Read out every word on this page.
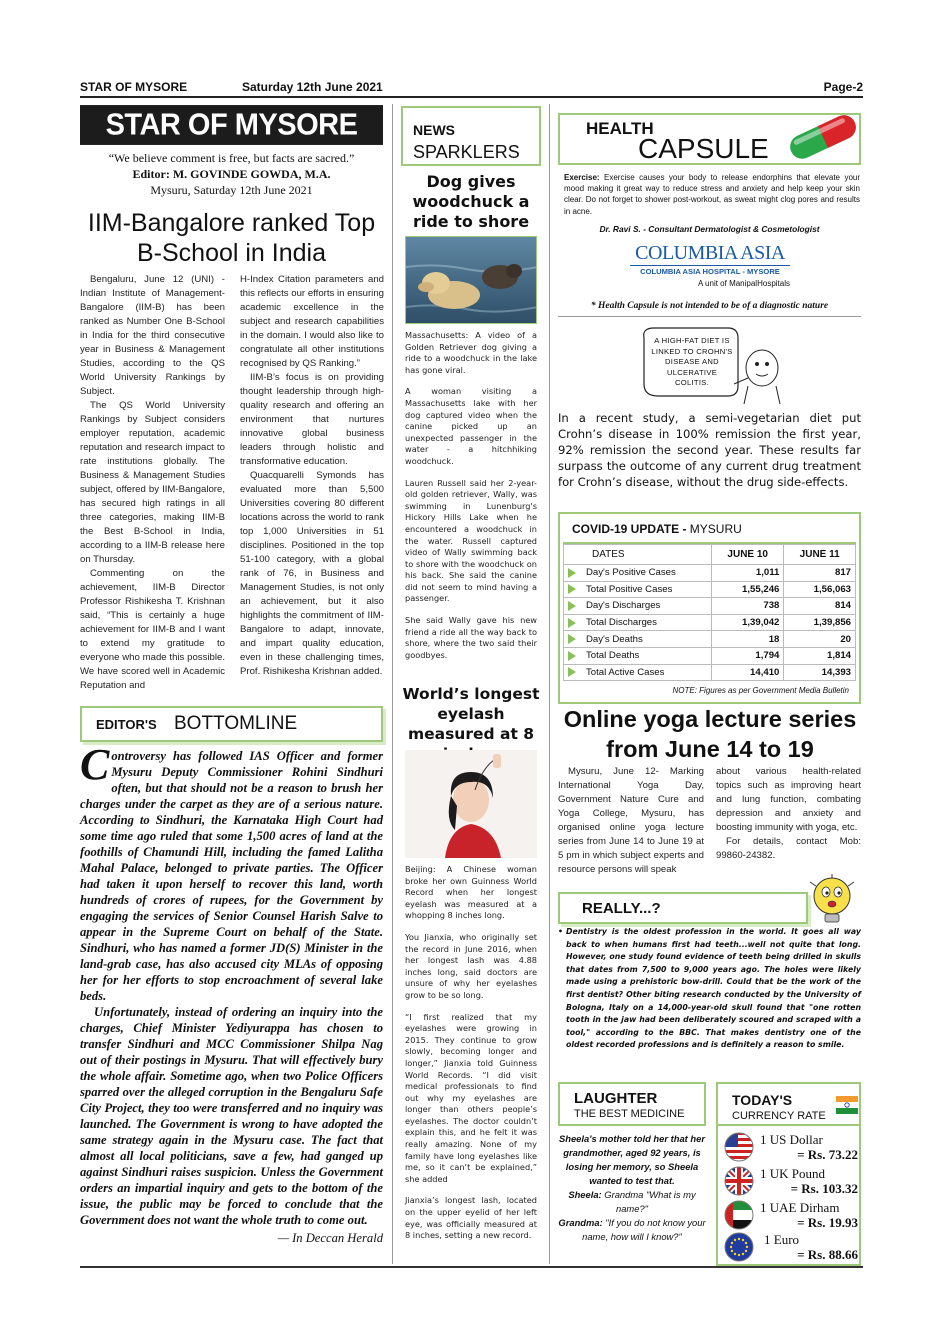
STAR OF MYSORE	Saturday 12th June 2021	Page-2
STAR OF MYSORE
“We believe comment is free, but facts are sacred.”
Editor: M. GOVINDE GOWDA, M.A.
Mysuru, Saturday 12th June 2021
IIM-Bangalore ranked Top
B-School in India

Bengaluru, June 12 (UNI) - Indian Institute of Management-Bangalore (IIM-B) has been ranked as Number One B-School in India for the third consecutive year in Business & Management Studies, according to the QS World University Rankings by Subject.

The QS World University Rankings by Subject considers employer reputation, academic reputation and research impact to rate institutions globally. The Business & Management Studies subject, offered by IIM-Bangalore, has secured high ratings in all three categories, making IIM-B the Best B-School in India, according to a IIM-B release here on Thursday.

Commenting on the achievement, IIM-B Director Professor Rishikesha T. Krishnan said, “This is certainly a huge achievement for IIM-B and I want to extend my gratitude to everyone who made this possible. We have scored well in Academic Reputation and

H-Index Citation parameters and this reflects our efforts in ensuring academic excellence in the subject and research capabilities in the domain. I would also like to congratulate all other institutions recognised by QS Ranking.”

IIM-B’s focus is on providing thought leadership through high-quality research and offering an environment that nurtures innovative global business leaders through holistic and transformative education.

Quacquarelli Symonds has evaluated more than 5,500 Universities covering 80 different locations across the world to rank top 1,000 Universities in 51 disciplines. Positioned in the top 51-100 category, with a global rank of 76, in Business and Management Studies, is not only an achievement, but it also highlights the commitment of IIM-Bangalore to adapt, innovate, and impart quality education, even in these challenging times, Prof. Rishikesha Krishnan added.

EDITOR'S BOTTOMLINE

Controversy has followed IAS Officer and former Mysuru Deputy Commissioner Rohini Sindhuri often, but that should not be a reason to brush her charges under the carpet as they are of a serious nature. According to Sindhuri, the Karnataka High Court had some time ago ruled that some 1,500 acres of land at the foothills of Chamundi Hill, including the famed Lalitha Mahal Palace, belonged to private parties. The Officer had taken it upon herself to recover this land, worth hundreds of crores of rupees, for the Government by engaging the services of Senior Counsel Harish Salve to appear in the Supreme Court on behalf of the State. Sindhuri, who has named a former JD(S) Minister in the land-grab case, has also accused city MLAs of opposing her for her efforts to stop encroachment of several lake beds.

Unfortunately, instead of ordering an inquiry into the charges, Chief Minister Yediyurappa has chosen to transfer Sindhuri and MCC Commissioner Shilpa Nag out of their postings in Mysuru. That will effectively bury the whole affair. Sometime ago, when two Police Officers sparred over the alleged corruption in the Bengaluru Safe City Project, they too were transferred and no inquiry was launched. The Government is wrong to have adopted the same strategy again in the Mysuru case. The fact that almost all local politicians, save a few, had ganged up against Sindhuri raises suspicion. Unless the Government orders an impartial inquiry and gets to the bottom of the issue, the public may be forced to conclude that the Government does not want the whole truth to come out.

— In Deccan Herald
NEWS
SPARKLERS
Dog gives woodchuck a ride to shore

Massachusetts: A video of a Golden Retriever dog giving a ride to a woodchuck in the lake has gone viral.

A woman visiting a Massachusetts lake with her dog captured video when the canine picked up an unexpected passenger in the water - a hitchhiking woodchuck.

Lauren Russell said her 2-year-old golden retriever, Wally, was swimming in Lunenburg's Hickory Hills Lake when he encountered a woodchuck in the water. Russell captured video of Wally swimming back to shore with the woodchuck on his back. She said the canine did not seem to mind having a passenger.

She said Wally gave his new friend a ride all the way back to shore, where the two said their goodbyes.

World’s longest eyelash measured at 8

Beijing: A Chinese woman broke her own Guinness World Record when her longest eyelash was measured at a whopping 8 inches long.

You Jianxia, who originally set the record in June 2016, when her longest lash was 4.88 inches long, said doctors are unsure of why her eyelashes grow to be so long.

“I first realized that my eyelashes were growing in 2015. They continue to grow slowly, becoming longer and longer,” Jianxia told Guinness World Records. “I did visit medical professionals to find out why my eyelashes are longer than others people’s eyelashes. The doctor couldn’t explain this, and he felt it was really amazing. None of my family have long eyelashes like me, so it can’t be explained,” she added

Jianxia’s longest lash, located on the upper eyelid of her left eye, was officially measured at 8 inches, setting a new record.

HEALTH
CAPSULE
Exercise: Exercise causes your body to release endorphins that elevate your mood making it great way to reduce stress and anxiety and help keep your skin clear. Do not forget to shower post-workout, as sweat might clog pores and results in acne.
Dr. Ravi S. - Consultant Dermatologist & Cosmetologist
COLUMBIA ASIA
COLUMBIA ASIA HOSPITAL - MYSORE
A unit of ManipalHospitals
* Health Capsule is not intended to be of a diagnostic nature
A HIGH-FAT DIET IS LINKED TO CROHN'S DISEASE AND ULCERATIVE COLITIS.
In a recent study, a semi-vegetarian diet put Crohn’s disease in 100% remission the first year, 92% remission the second year. These results far surpass the outcome of any current drug treatment for Crohn’s disease, without the drug side-effects.
COVID-19 UPDATE - MYSURU
DATES	JUNE 10	JUNE 11
Day's Positive Cases	1,011	817
Total Positive Cases	1,55,246	1,56,063
Day's Discharges	738	814
Total Discharges	1,39,042	1,39,856
Day's Deaths	18	20
Total Deaths	1,794	1,814
Total Active Cases	14,410	14,393
NOTE: Figures as per Government Media Bulletin
Online yoga lecture series
from June 14 to 19

Mysuru, June 12- Marking International Yoga Day, Government Nature Cure and Yoga College, Mysuru, has organised online yoga lecture series from June 14 to June 19 at 5 pm in which subject experts and resource persons will speak

about various health-related topics such as improving heart and lung function, combating depression and anxiety and boosting immunity with yoga, etc.

For details, contact Mob: 99860-24382.

REALLY...?
• Dentistry is the oldest profession in the world. It goes all way back to when humans first had teeth...well not quite that long. However, one study found evidence of teeth being drilled in skulls that dates from 7,500 to 9,000 years ago. The holes were likely made using a prehistoric bow-drill. Could that be the work of the first dentist? Other biting research conducted by the University of Bologna, Italy on a 14,000-year-old skull found that "one rotten tooth in the jaw had been deliberately scoured and scraped with a tool," according to the BBC. That makes dentistry one of the oldest recorded professions and is definitely a reason to smile.
LAUGHTER
THE BEST MEDICINE
Sheela's mother told her that her grandmother, aged 92 years, is losing her memory, so Sheela wanted to test that.
Sheela: Grandma "What is my name?"
Grandma: "If you do not know your name, how will I know?"
TODAY'S
CURRENCY RATE
1 US Dollar
= Rs. 73.22
1 UK Pound
= Rs. 103.32
1 UAE Dirham
= Rs. 19.93
1 Euro
= Rs. 88.66
